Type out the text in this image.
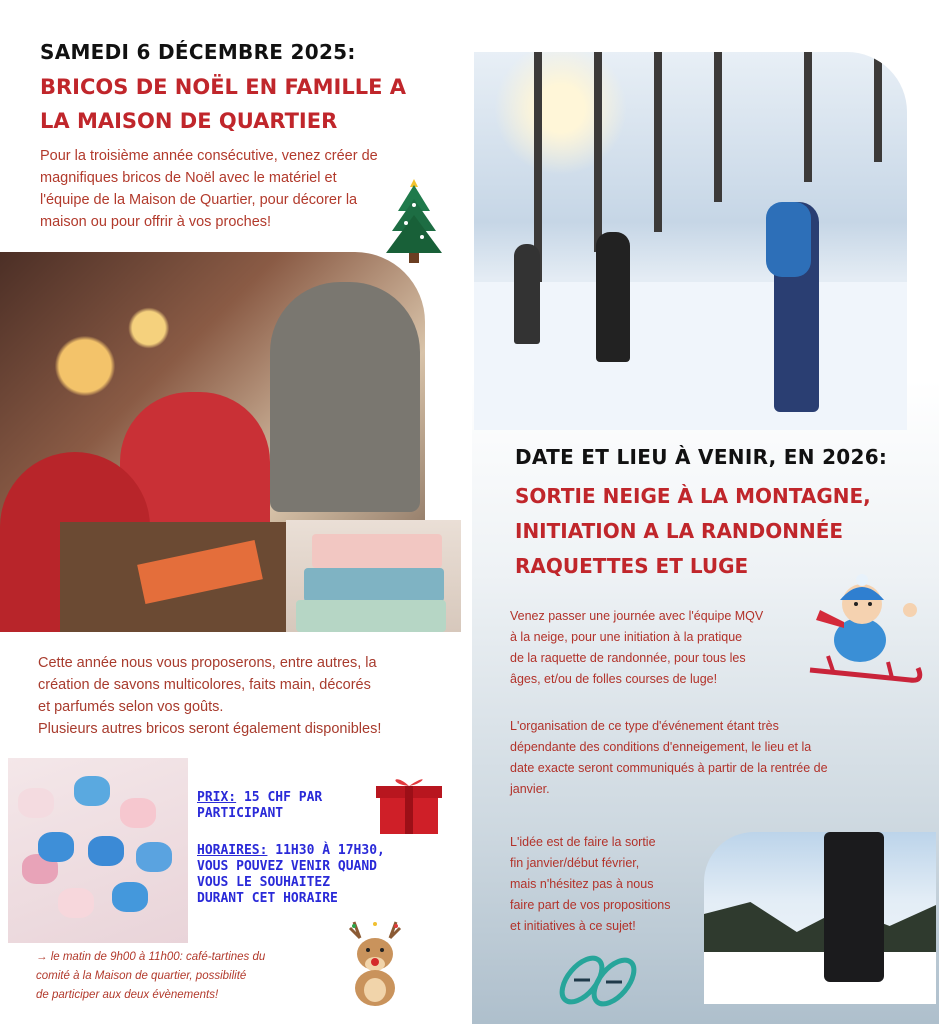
SAMEDI 6 DÉCEMBRE 2025:
BRICOS DE NOËL EN FAMILLE A
LA MAISON DE QUARTIER
Pour la troisième année consécutive, venez créer de
magnifiques bricos de Noël avec le matériel et
l'équipe de la Maison de Quartier, pour décorer la
maison ou pour offrir à vos proches!
Cette année nous vous proposerons, entre autres, la
création de savons multicolores, faits main, décorés
et parfumés selon vos goûts.
Plusieurs autres bricos seront également disponibles!
PRIX: 15 CHF PAR
PARTICIPANT
HORAIRES: 11H30 À 17H30,
VOUS POUVEZ VENIR QUAND
VOUS LE SOUHAITEZ
DURANT CET HORAIRE
→ le matin de 9h00 à 11h00: café-tartines du
comité à la Maison de quartier, possibilité
de participer aux deux évènements!
DATE ET LIEU À VENIR, EN 2026:
SORTIE NEIGE À LA MONTAGNE,
INITIATION A LA RANDONNÉE
RAQUETTES ET LUGE
Venez passer une journée avec l'équipe MQV
à la neige, pour une initiation à la pratique
de la raquette de randonnée, pour tous les
âges, et/ou de folles courses de luge!
L'organisation de ce type d'événement étant très
dépendante des conditions d'enneigement, le lieu et la
date exacte seront communiqués à partir de la rentrée de
janvier.
L'idée est de faire la sortie
fin janvier/début février,
mais n'hésitez pas à nous
faire part de vos propositions
et initiatives à ce sujet!
